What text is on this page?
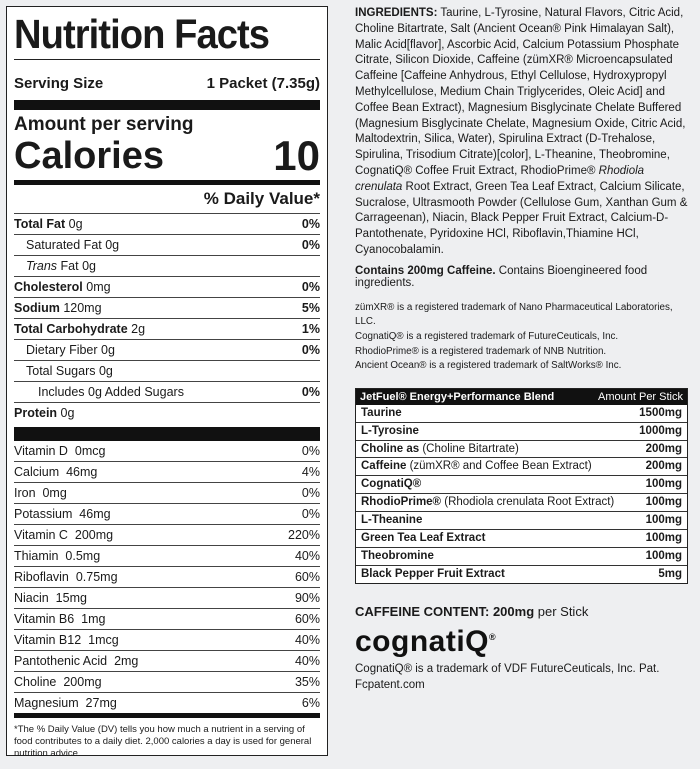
Nutrition Facts
Serving Size	1 Packet (7.35g)
Amount per serving
Calories	10
% Daily Value*
Total Fat 0g	0%
Saturated Fat 0g	0%
Trans Fat 0g
Cholesterol 0mg	0%
Sodium 120mg	5%
Total Carbohydrate 2g	1%
Dietary Fiber 0g	0%
Total Sugars 0g
Includes 0g Added Sugars	0%
Protein 0g
Vitamin D  0mcg	0%
Calcium  46mg	4%
Iron  0mg	0%
Potassium  46mg	0%
Vitamin C  200mg	220%
Thiamin  0.5mg	40%
Riboflavin  0.75mg	60%
Niacin  15mg	90%
Vitamin B6  1mg	60%
Vitamin B12  1mcg	40%
Pantothenic Acid  2mg	40%
Choline  200mg	35%
Magnesium  27mg	6%
*The % Daily Value (DV) tells you how much a nutrient in a serving of food contributes to a daily diet. 2,000 calories a day is used for general nutrition advice.
INGREDIENTS: Taurine, L-Tyrosine, Natural Flavors, Citric Acid, Choline Bitartrate, Salt (Ancient Ocean® Pink Himalayan Salt), Malic Acid[flavor], Ascorbic Acid, Calcium Potassium Phosphate Citrate, Silicon Dioxide, Caffeine (zümXR® Microencapsulated Caffeine [Caffeine Anhydrous, Ethyl Cellulose, Hydroxypropyl Methylcellulose, Medium Chain Triglycerides, Oleic Acid] and Coffee Bean Extract), Magnesium Bisglycinate Chelate Buffered (Magnesium Bisglycinate Chelate, Magnesium Oxide, Citric Acid, Maltodextrin, Silica, Water), Spirulina Extract (D-Trehalose, Spirulina, Trisodium Citrate)[color], L-Theanine, Theobromine, CognatiQ® Coffee Fruit Extract, RhodioPrime® Rhodiola crenulata Root Extract, Green Tea Leaf Extract, Calcium Silicate, Sucralose, Ultrasmooth Powder (Cellulose Gum, Xanthan Gum & Carrageenan), Niacin, Black Pepper Fruit Extract, Calcium-D-Pantothenate, Pyridoxine HCl, Riboflavin,Thiamine HCl, Cyanocobalamin.
Contains 200mg Caffeine. Contains Bioengineered food ingredients.
zümXR® is a registered trademark of Nano Pharmaceutical Laboratories, LLC.
CognatiQ® is a registered trademark of FutureCeuticals, Inc.
RhodioPrime® is a registered trademark of NNB Nutrition.
Ancient Ocean® is a registered trademark of SaltWorks® Inc.
JetFuel® Energy+Performance Blend	Amount Per Stick
Taurine	1500mg
L-Tyrosine	1000mg
Choline as (Choline Bitartrate)	200mg
Caffeine (zümXR® and Coffee Bean Extract)	200mg
CognatiQ®	100mg
RhodioPrime® (Rhodiola crenulata Root Extract)	100mg
L-Theanine	100mg
Green Tea Leaf Extract	100mg
Theobromine	100mg
Black Pepper Fruit Extract	5mg
CAFFEINE CONTENT: 200mg per Stick
cognatiQ®
CognatiQ® is a trademark of VDF FutureCeuticals, Inc. Pat. Fcpatent.com
